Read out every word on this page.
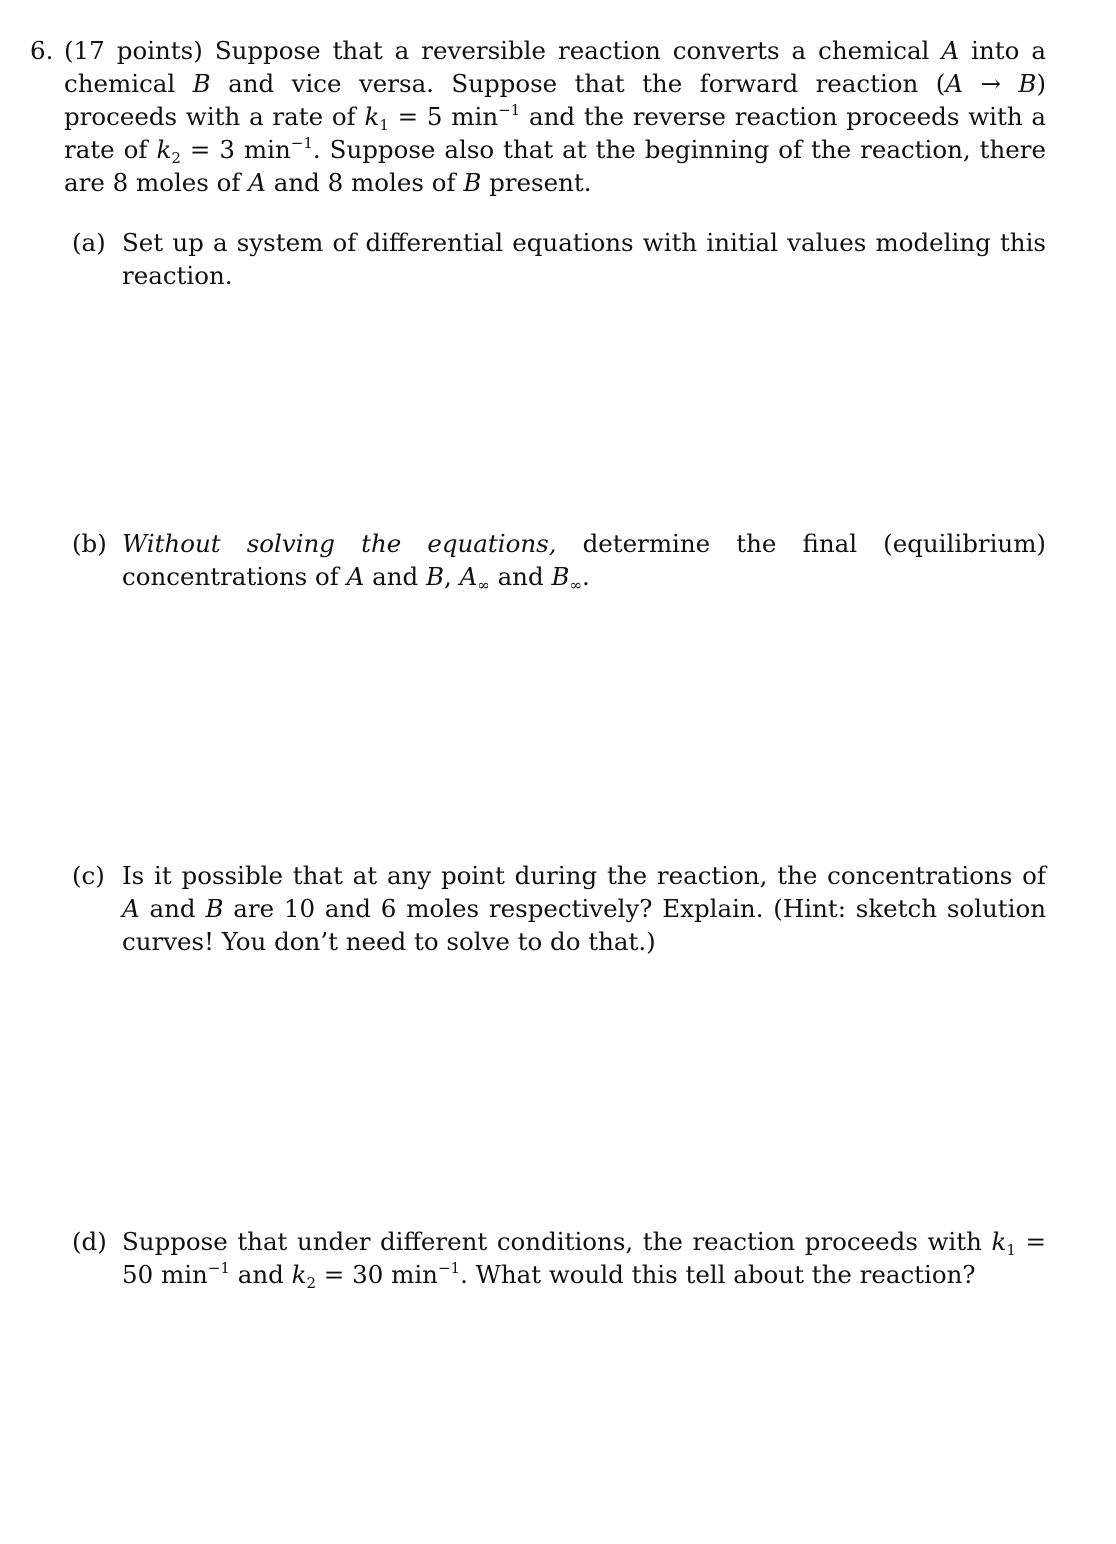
6. (17 points) Suppose that a reversible reaction converts a chemical A into a chemical B and vice versa. Suppose that the forward reaction (A → B) proceeds with a rate of $k_1 = 5$ $\min^{-1}$ and the reverse reaction proceeds with a rate of $k_2 = 3$ $\min^{-1}$. Suppose also that at the beginning of the reaction, there are 8 moles of A and 8 moles of B present.
(a) Set up a system of differential equations with initial values modeling this reaction.
(b) Without solving the equations, determine the final (equilibrium) concentrations of A and B, $A_\infty$ and $B_\infty$.
(c) Is it possible that at any point during the reaction, the concentrations of A and B are 10 and 6 moles respectively? Explain. (Hint: sketch solution curves! You don’t need to solve to do that.)
(d) Suppose that under different conditions, the reaction proceeds with $k_1 = 50$ $\min^{-1}$ and $k_2 = 30$ $\min^{-1}$. What would this tell about the reaction?
